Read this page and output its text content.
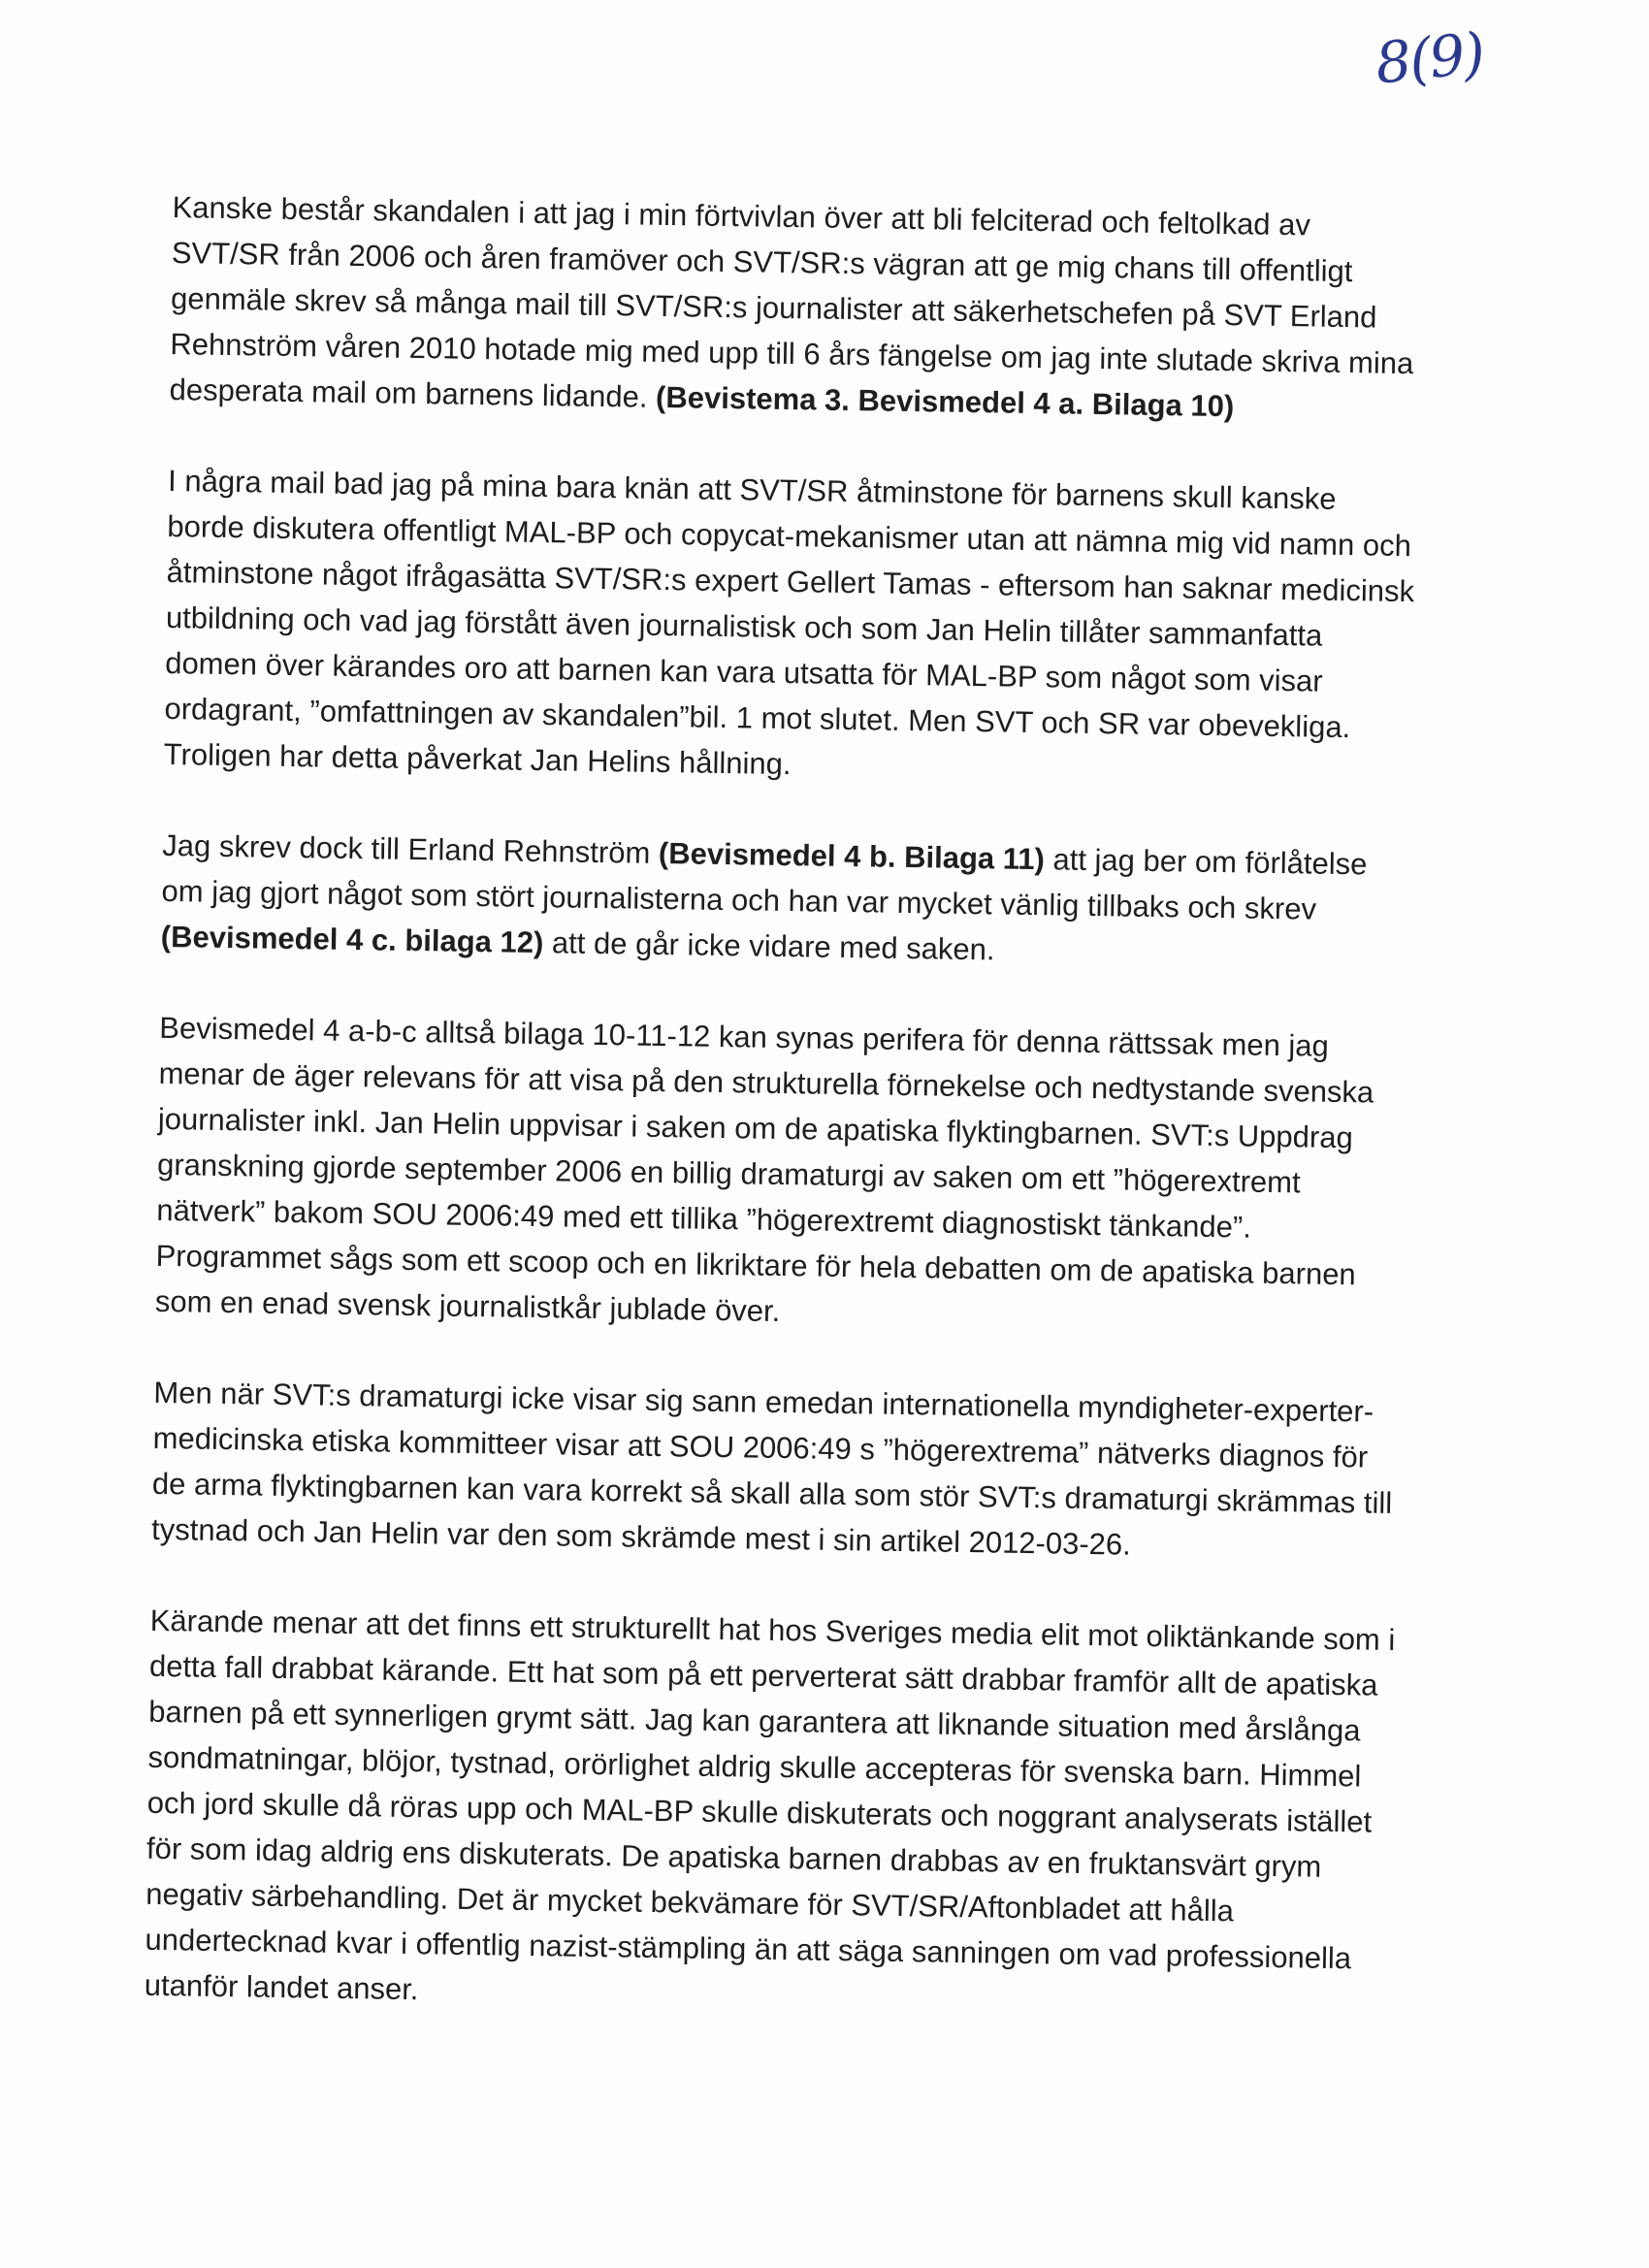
8(9)

Kanske består skandalen i att jag i min förtvivlan över att bli felciterad och feltolkad av SVT/SR från 2006 och åren framöver och SVT/SR:s vägran att ge mig chans till offentligt genmäle skrev så många mail till SVT/SR:s journalister att säkerhetschefen på SVT Erland Rehnström våren 2010 hotade mig med upp till 6 års fängelse om jag inte slutade skriva mina desperata mail om barnens lidande. (Bevistema 3. Bevismedel 4 a. Bilaga 10)

I några mail bad jag på mina bara knän att SVT/SR åtminstone för barnens skull kanske borde diskutera offentligt MAL-BP och copycat-mekanismer utan att nämna mig vid namn och åtminstone något ifrågasätta SVT/SR:s expert Gellert Tamas - eftersom han saknar medicinsk utbildning och vad jag förstått även journalistisk och som Jan Helin tillåter sammanfatta domen över kärandes oro att barnen kan vara utsatta för MAL-BP som något som visar ordagrant, ”omfattningen av skandalen”bil. 1 mot slutet. Men SVT och SR var obevekliga. Troligen har detta påverkat Jan Helins hållning.

Jag skrev dock till Erland Rehnström (Bevismedel 4 b. Bilaga 11) att jag ber om förlåtelse om jag gjort något som stört journalisterna och han var mycket vänlig tillbaks och skrev (Bevismedel 4 c. bilaga 12) att de går icke vidare med saken.

Bevismedel 4 a-b-c alltså bilaga 10-11-12 kan synas perifera för denna rättssak men jag menar de äger relevans för att visa på den strukturella förnekelse och nedtystande svenska journalister inkl. Jan Helin uppvisar i saken om de apatiska flyktingbarnen. SVT:s Uppdrag granskning gjorde september 2006 en billig dramaturgi av saken om ett ”högerextremt nätverk” bakom SOU 2006:49 med ett tillika ”högerextremt diagnostiskt tänkande”. Programmet sågs som ett scoop och en likriktare för hela debatten om de apatiska barnen som en enad svensk journalistkår jublade över.

Men när SVT:s dramaturgi icke visar sig sann emedan internationella myndigheter-experter-medicinska etiska kommitteer visar att SOU 2006:49 s ”högerextrema” nätverks diagnos för de arma flyktingbarnen kan vara korrekt så skall alla som stör SVT:s dramaturgi skrämmas till tystnad och Jan Helin var den som skrämde mest i sin artikel 2012-03-26.

Kärande menar att det finns ett strukturellt hat hos Sveriges media elit mot oliktänkande som i detta fall drabbat kärande. Ett hat som på ett perverterat sätt drabbar framför allt de apatiska barnen på ett synnerligen grymt sätt. Jag kan garantera att liknande situation med årslånga sondmatningar, blöjor, tystnad, orörlighet aldrig skulle accepteras för svenska barn. Himmel och jord skulle då röras upp och MAL-BP skulle diskuterats och noggrant analyserats istället för som idag aldrig ens diskuterats. De apatiska barnen drabbas av en fruktansvärt grym negativ särbehandling. Det är mycket bekvämare för SVT/SR/Aftonbladet att hålla undertecknad kvar i offentlig nazist-stämpling än att säga sanningen om vad professionella utanför landet anser.
